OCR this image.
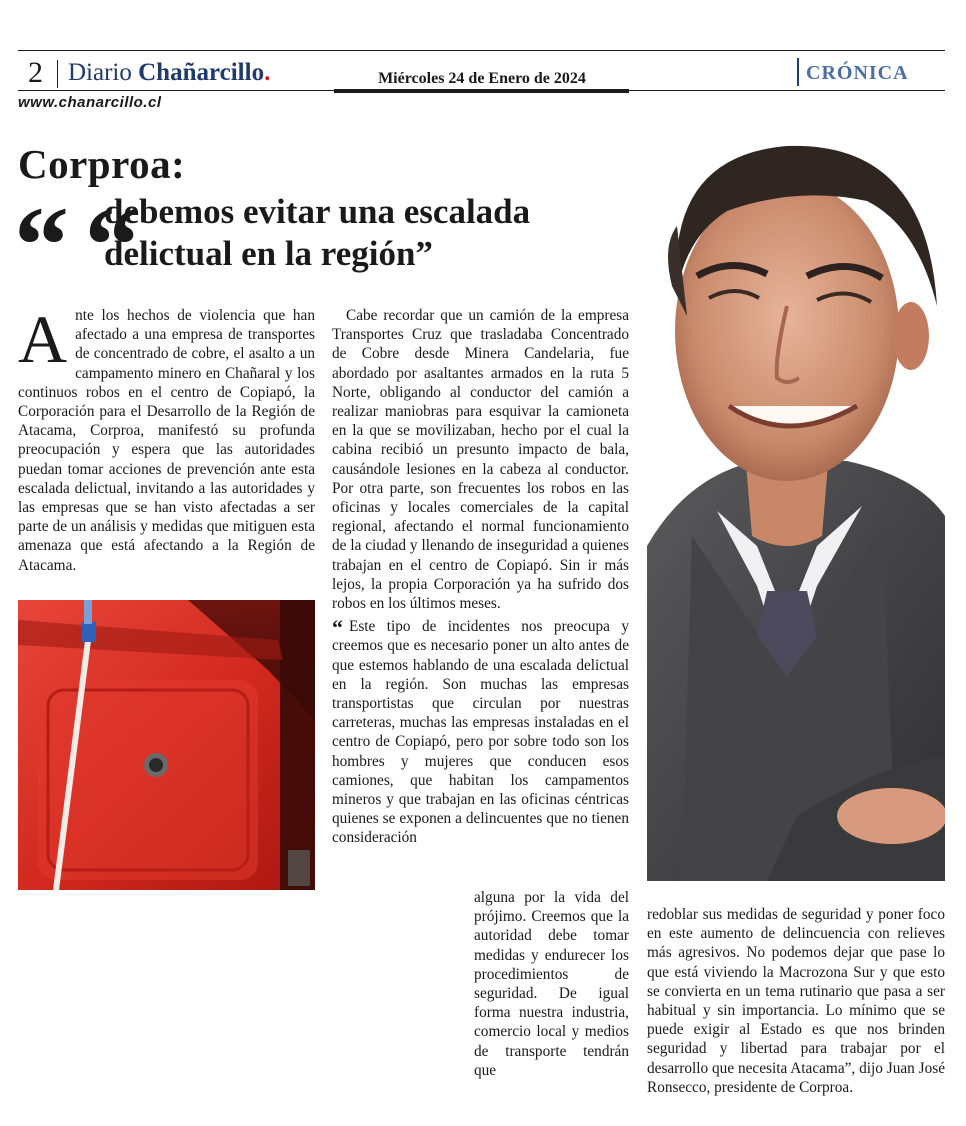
2 Diario Chañarcillo.	Miércoles 24 de Enero de 2024	CRÓNICA
www.chanarcillo.cl
Corproa:
“ “
debemos evitar una escalada delictual en la región”
Ante los hechos de violencia que han afectado a una empresa de transportes de concentrado de cobre, el asalto a un campamento minero en Chañaral y los continuos robos en el centro de Copiapó, la Corporación para el Desarrollo de la Región de Atacama, Corproa, manifestó su profunda preocupación y espera que las autoridades puedan tomar acciones de prevención ante esta escalada delictual, invitando a las autoridades y las empresas que se han visto afectadas a ser parte de un análisis y medidas que mitiguen esta amenaza que está afectando a la Región de Atacama.
Cabe recordar que un camión de la empresa Transportes Cruz que trasladaba Concentrado de Cobre desde Minera Candelaria, fue abordado por asaltantes armados en la ruta 5 Norte, obligando al conductor del camión a realizar maniobras para esquivar la camioneta en la que se movilizaban, hecho por el cual la cabina recibió un presunto impacto de bala, causándole lesiones en la cabeza al conductor. Por otra parte, son frecuentes los robos en las oficinas y locales comerciales de la capital regional, afectando el normal funcionamiento de la ciudad y llenando de inseguridad a quienes trabajan en el centro de Copiapó. Sin ir más lejos, la propia Corporación ya ha sufrido dos robos en los últimos meses.
“ Este tipo de incidentes nos preocupa y creemos que es necesario poner un alto antes de que estemos hablando de una escalada delictual en la región. Son muchas las empresas transportistas que circulan por nuestras carreteras, muchas las empresas instaladas en el centro de Copiapó, pero por sobre todo son los hombres y mujeres que conducen esos camiones, que habitan los campamentos mineros y que trabajan en las oficinas céntricas quienes se exponen a delincuentes que no tienen consideración
alguna por la vida del prójimo. Creemos que la autoridad debe tomar medidas y endurecer los procedimientos de seguridad. De igual forma nuestra industria, comercio local y medios de transporte tendrán que
redoblar sus medidas de seguridad y poner foco en este aumento de delincuencia con relieves más agresivos. No podemos dejar que pase lo que está viviendo la Macrozona Sur y que esto se convierta en un tema rutinario que pasa a ser habitual y sin importancia. Lo mínimo que se puede exigir al Estado es que nos brinden seguridad y libertad para trabajar por el desarrollo que necesita Atacama”, dijo Juan José Ronsecco, presidente de Corproa.
